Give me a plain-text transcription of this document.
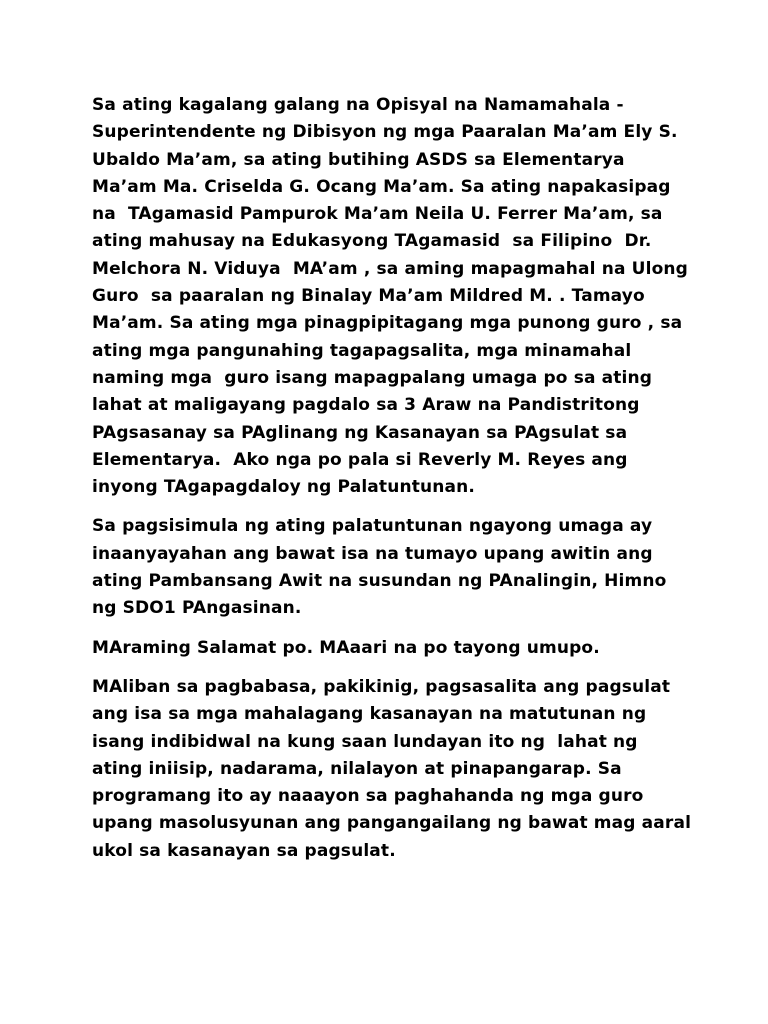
Sa ating kagalang galang na Opisyal na Namamahala -
Superintendente ng Dibisyon ng mga Paaralan Ma’am Ely S.
Ubaldo Ma’am, sa ating butihing ASDS sa Elementarya
Ma’am Ma. Criselda G. Ocang Ma’am. Sa ating napakasipag
na  TAgamasid Pampurok Ma’am Neila U. Ferrer Ma’am, sa
ating mahusay na Edukasyong TAgamasid  sa Filipino  Dr.
Melchora N. Viduya  MA’am , sa aming mapagmahal na Ulong
Guro  sa paaralan ng Binalay Ma’am Mildred M. . Tamayo
Ma’am. Sa ating mga pinagpipitagang mga punong guro , sa
ating mga pangunahing tagapagsalita, mga minamahal
naming mga  guro isang mapagpalang umaga po sa ating
lahat at maligayang pagdalo sa 3 Araw na Pandistritong
PAgsasanay sa PAglinang ng Kasanayan sa PAgsulat sa
Elementarya.  Ako nga po pala si Reverly M. Reyes ang
inyong TAgapagdaloy ng Palatuntunan.
Sa pagsisimula ng ating palatuntunan ngayong umaga ay
inaanyayahan ang bawat isa na tumayo upang awitin ang
ating Pambansang Awit na susundan ng PAnalingin, Himno
ng SDO1 PAngasinan.
MAraming Salamat po. MAaari na po tayong umupo.
MAliban sa pagbabasa, pakikinig, pagsasalita ang pagsulat
ang isa sa mga mahalagang kasanayan na matutunan ng
isang indibidwal na kung saan lundayan ito ng  lahat ng
ating iniisip, nadarama, nilalayon at pinapangarap. Sa
programang ito ay naaayon sa paghahanda ng mga guro
upang masolusyunan ang pangangailang ng bawat mag aaral
ukol sa kasanayan sa pagsulat.
